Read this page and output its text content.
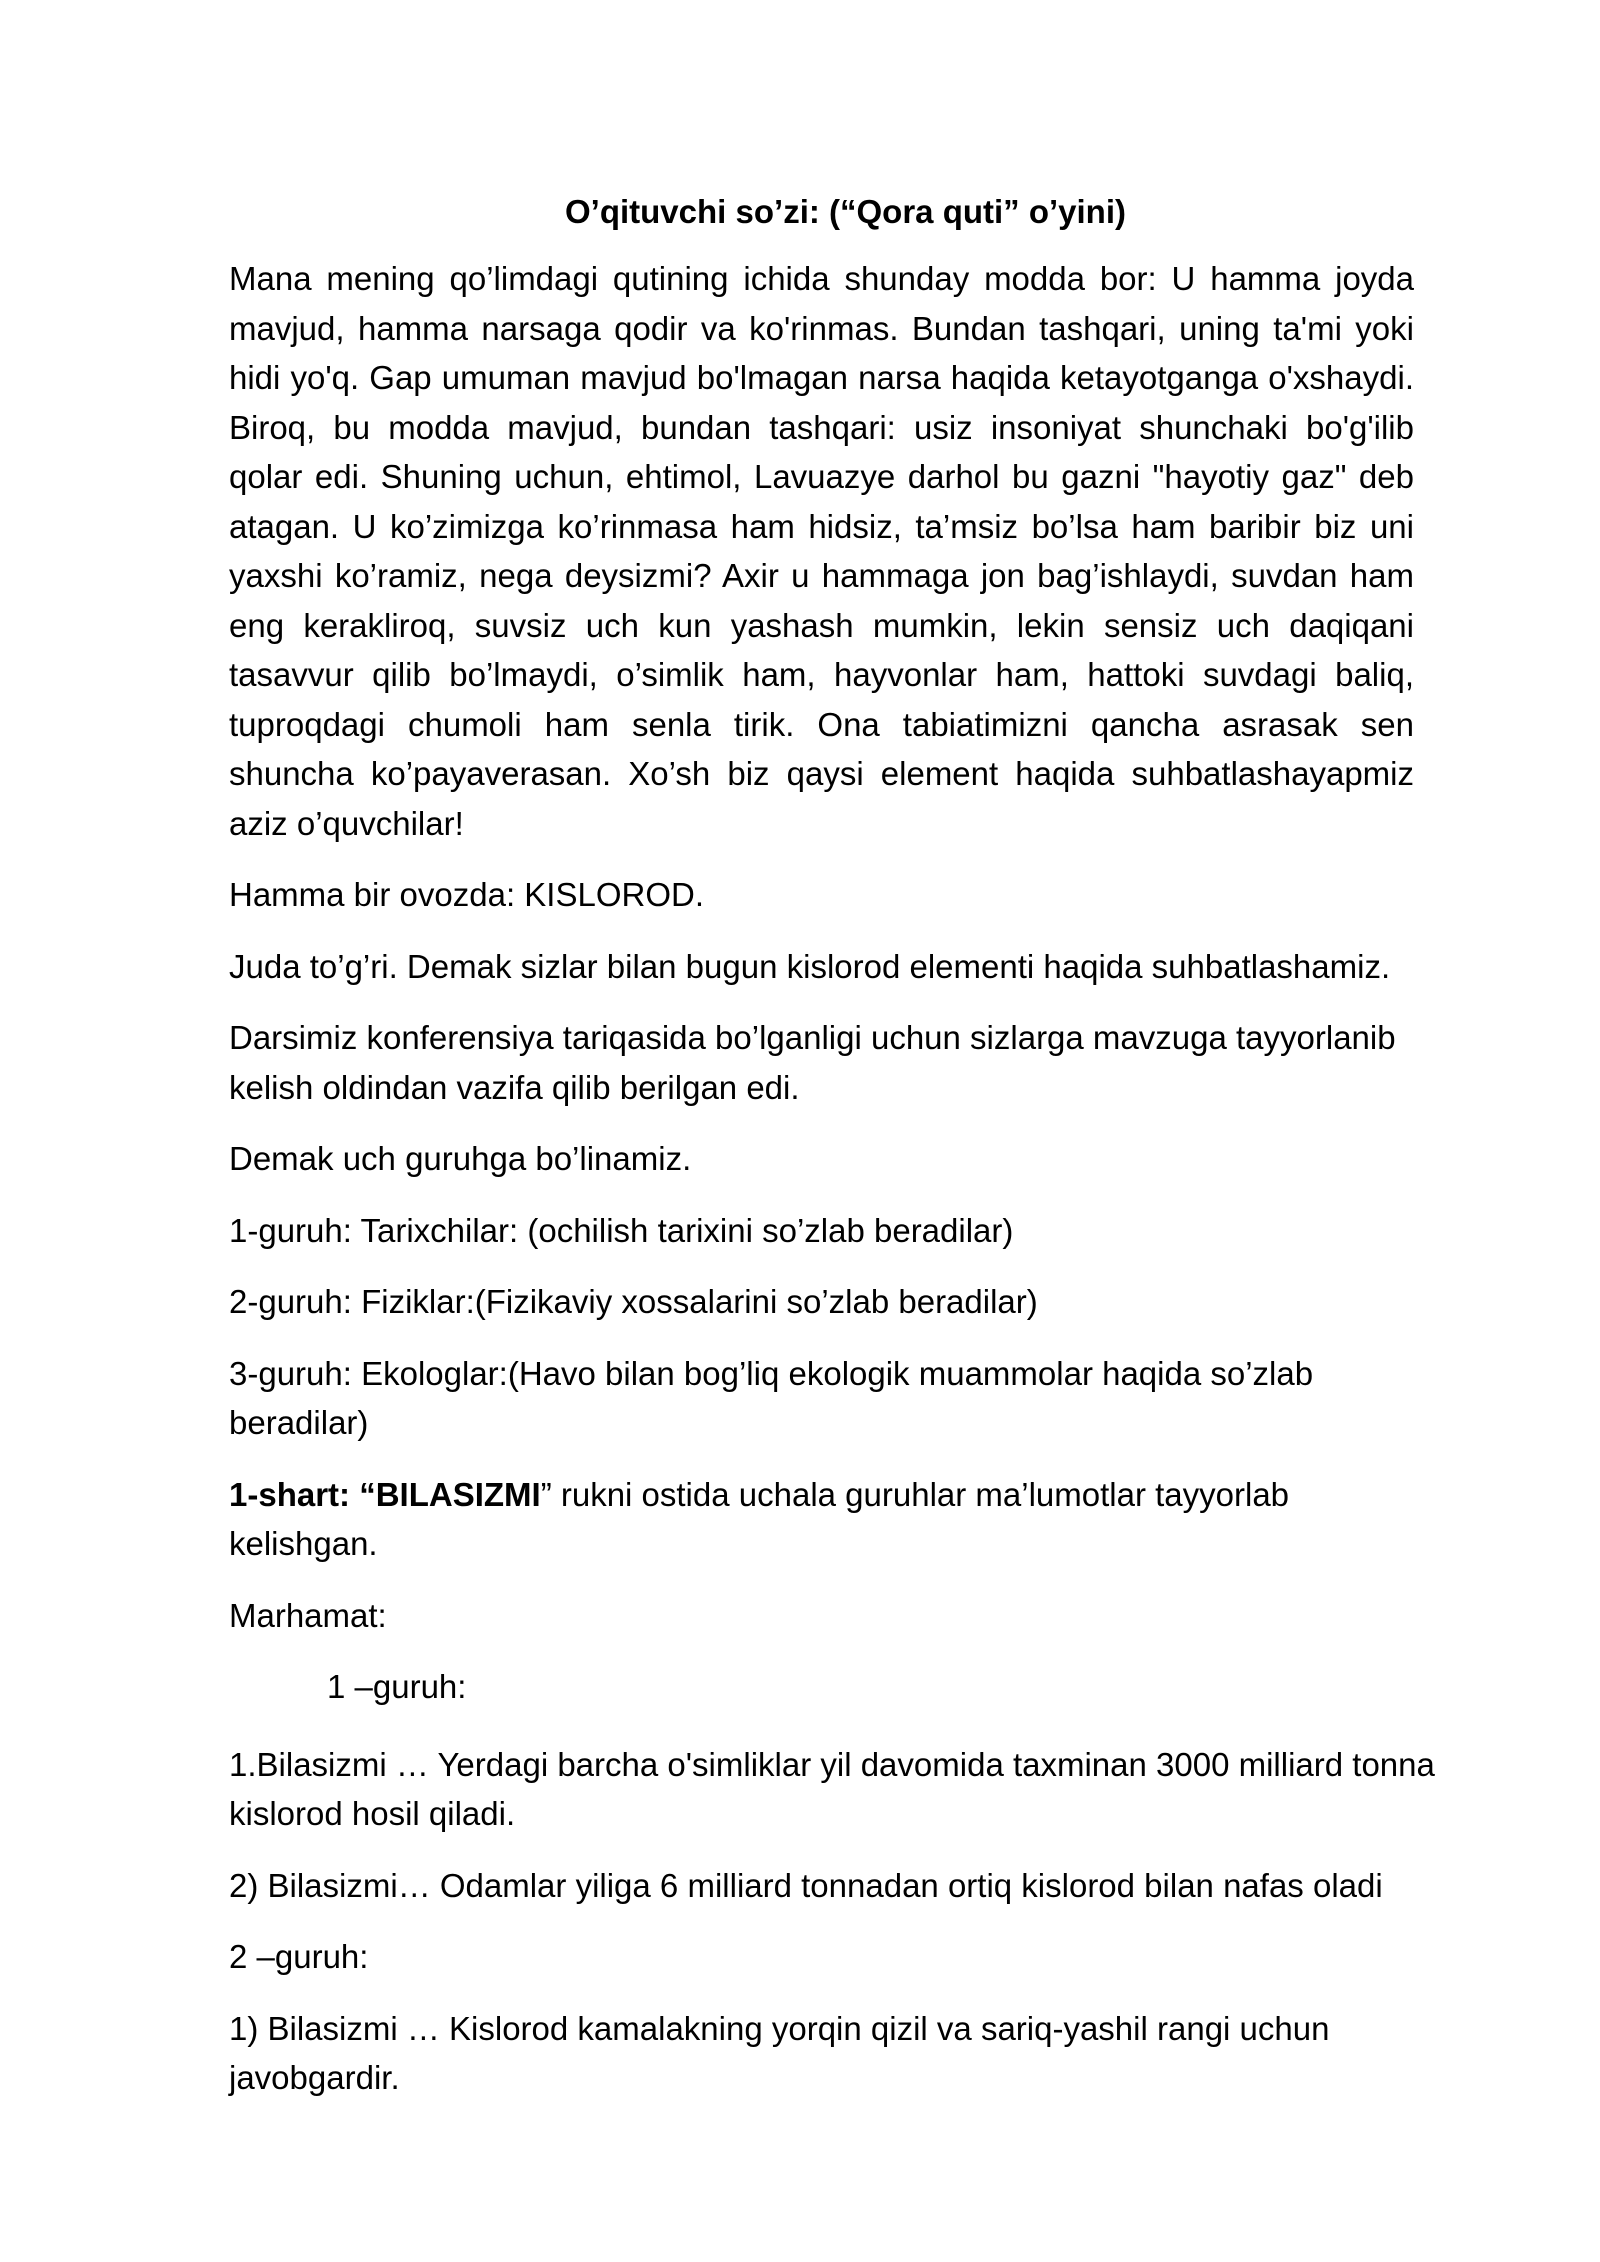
O’qituvchi so’zi: (“Qora quti” o’yini)

Mana mening qo’limdagi qutining ichida shunday modda bor: U hamma joyda mavjud, hamma narsaga qodir va ko'rinmas. Bundan tashqari, uning ta'mi yoki hidi yo'q. Gap umuman mavjud bo'lmagan narsa haqida ketayotganga o'xshaydi. Biroq, bu modda mavjud, bundan tashqari: usiz insoniyat shunchaki bo'g'ilib qolar edi. Shuning uchun, ehtimol, Lavuazye darhol bu gazni "hayotiy gaz" deb atagan. U ko’zimizga ko’rinmasa ham hidsiz, ta’msiz bo’lsa ham baribir biz uni yaxshi ko’ramiz, nega deysizmi? Axir u hammaga jon bag’ishlaydi, suvdan ham eng kerakliroq, suvsiz uch kun yashash mumkin, lekin sensiz uch daqiqani tasavvur qilib bo’lmaydi, o’simlik ham, hayvonlar ham, hattoki suvdagi baliq, tuproqdagi chumoli ham senla tirik. Ona tabiatimizni qancha asrasak sen shuncha ko’payaverasan. Xo’sh biz qaysi element haqida suhbatlashayapmiz aziz o’quvchilar!

Hamma bir ovozda: KISLOROD.

Juda to’g’ri. Demak sizlar bilan bugun kislorod elementi haqida suhbatlashamiz.

Darsimiz konferensiya tariqasida bo’lganligi uchun sizlarga mavzuga tayyorlanib kelish oldindan vazifa qilib berilgan edi.

Demak uch guruhga bo’linamiz.

1-guruh: Tarixchilar: (ochilish tarixini so’zlab beradilar)

2-guruh: Fiziklar:(Fizikaviy xossalarini so’zlab beradilar)

3-guruh: Ekologlar:(Havo bilan bog’liq ekologik muammolar haqida so’zlab beradilar)

1-shart: “BILASIZMI” rukni ostida uchala guruhlar ma’lumotlar tayyorlab kelishgan.

Marhamat:

1 –guruh:

1.Bilasizmi … Yerdagi barcha o'simliklar yil davomida taxminan 3000 milliard tonna kislorod hosil qiladi.

2) Bilasizmi… Odamlar yiliga 6 milliard tonnadan ortiq kislorod bilan nafas oladi

2 –guruh:

1) Bilasizmi … Kislorod kamalakning yorqin qizil va sariq-yashil rangi uchun javobgardir.
